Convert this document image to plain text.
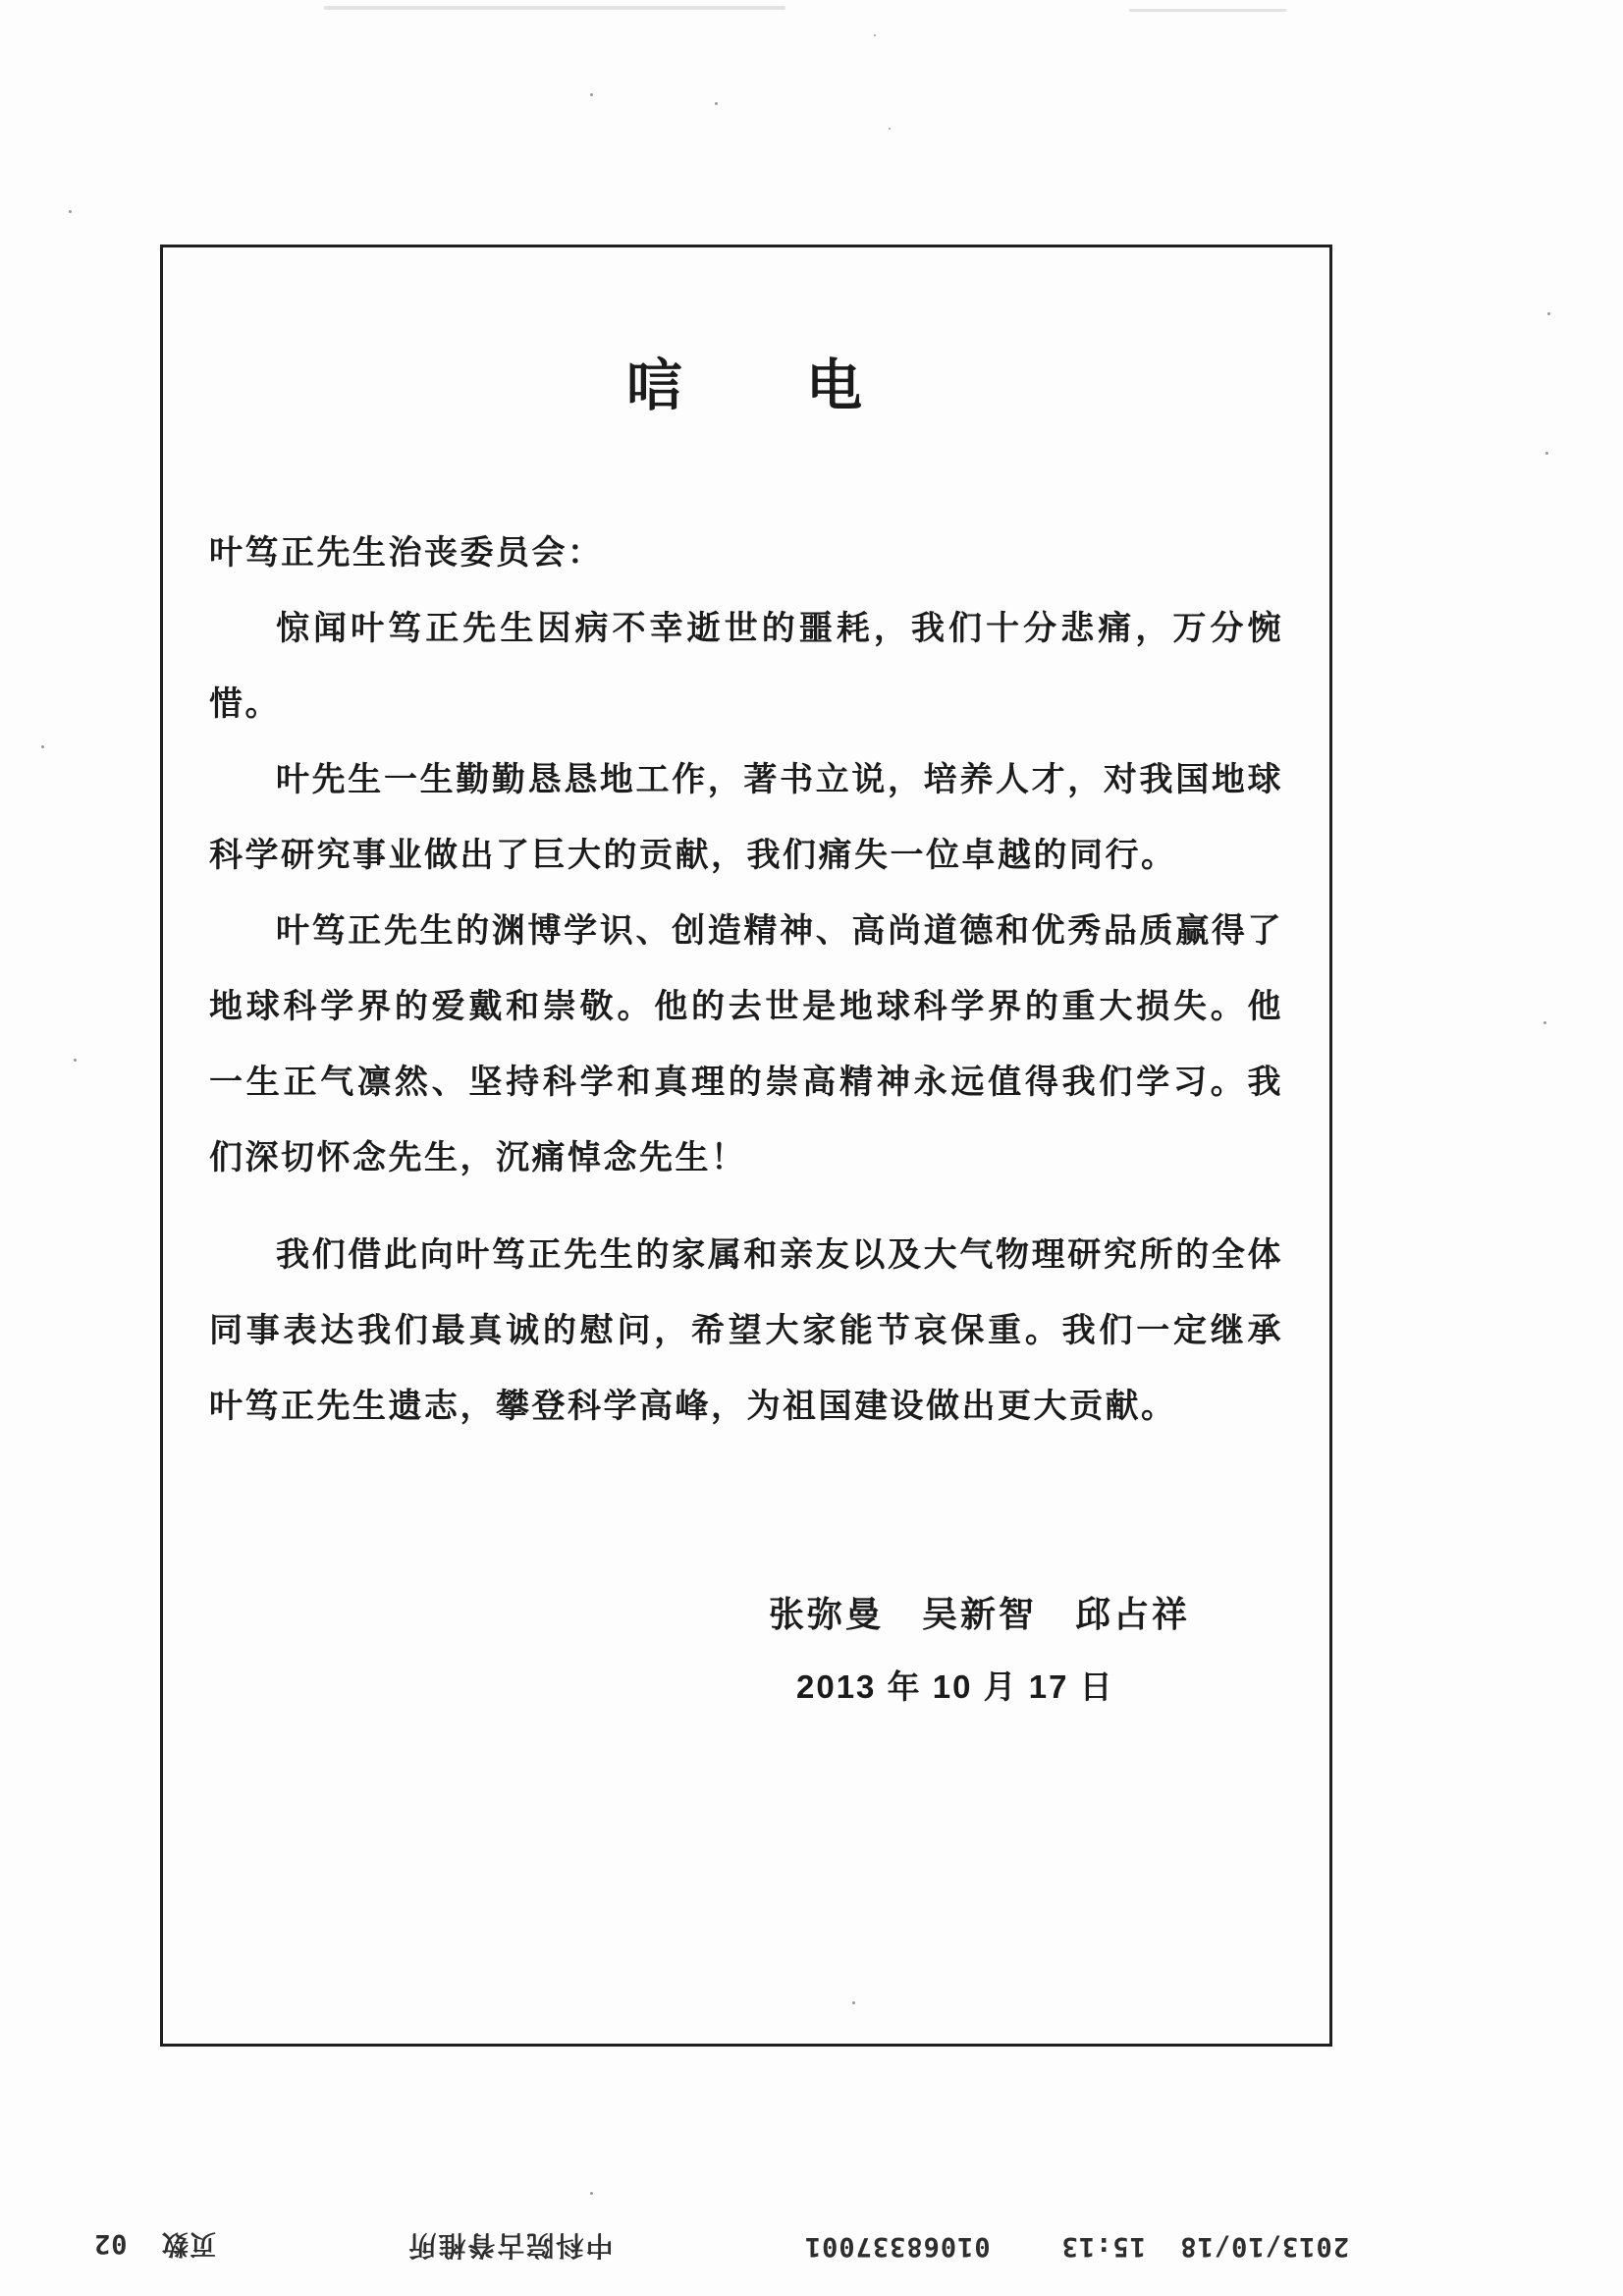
唁　　电

叶笃正先生治丧委员会：

惊闻叶笃正先生因病不幸逝世的噩耗，我们十分悲痛，万分惋惜。

叶先生一生勤勤恳恳地工作，著书立说，培养人才，对我国地球科学研究事业做出了巨大的贡献，我们痛失一位卓越的同行。

叶笃正先生的渊博学识、创造精神、高尚道德和优秀品质赢得了地球科学界的爱戴和崇敬。他的去世是地球科学界的重大损失。他一生正气凛然、坚持科学和真理的崇高精神永远值得我们学习。我们深切怀念先生，沉痛悼念先生！

我们借此向叶笃正先生的家属和亲友以及大气物理研究所的全体同事表达我们最真诚的慰问，希望大家能节哀保重。我们一定继承叶笃正先生遗志，攀登科学高峰，为祖国建设做出更大贡献。

张弥曼　吴新智　邱占祥
2013 年 10 月 17 日

2013/10/18  15:1301068337001

中科院古脊椎所
页数  02
